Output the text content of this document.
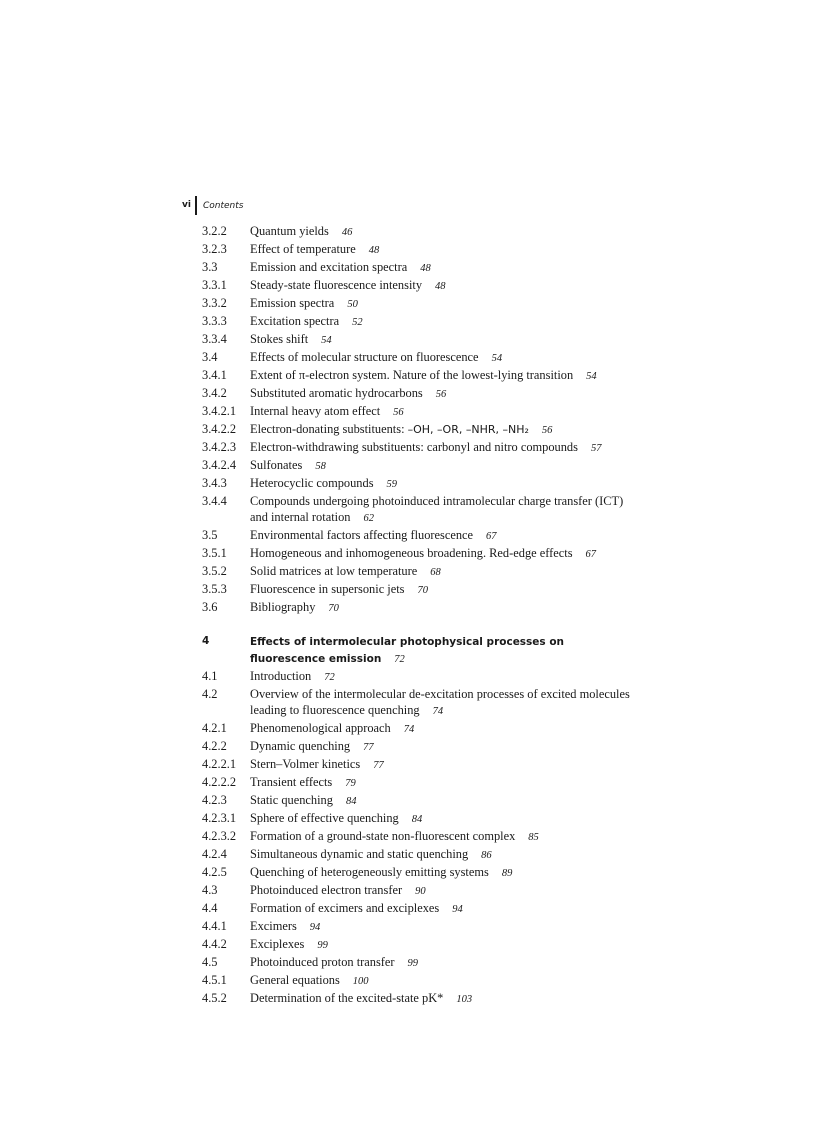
vi Contents
3.2.2	Quantum yields 46
3.2.3	Effect of temperature 48
3.3	Emission and excitation spectra 48
3.3.1	Steady-state fluorescence intensity 48
3.3.2	Emission spectra 50
3.3.3	Excitation spectra 52
3.3.4	Stokes shift 54
3.4	Effects of molecular structure on fluorescence 54
3.4.1	Extent of π-electron system. Nature of the lowest-lying transition 54
3.4.2	Substituted aromatic hydrocarbons 56
3.4.2.1	Internal heavy atom effect 56
3.4.2.2	Electron-donating substituents: –OH, –OR, –NHR, –NH₂ 56
3.4.2.3	Electron-withdrawing substituents: carbonyl and nitro compounds 57
3.4.2.4	Sulfonates 58
3.4.3	Heterocyclic compounds 59
3.4.4	Compounds undergoing photoinduced intramolecular charge transfer (ICT) and internal rotation 62
3.5	Environmental factors affecting fluorescence 67
3.5.1	Homogeneous and inhomogeneous broadening. Red-edge effects 67
3.5.2	Solid matrices at low temperature 68
3.5.3	Fluorescence in supersonic jets 70
3.6	Bibliography 70
4	Effects of intermolecular photophysical processes on fluorescence emission 72
4.1	Introduction 72
4.2	Overview of the intermolecular de-excitation processes of excited molecules leading to fluorescence quenching 74
4.2.1	Phenomenological approach 74
4.2.2	Dynamic quenching 77
4.2.2.1	Stern–Volmer kinetics 77
4.2.2.2	Transient effects 79
4.2.3	Static quenching 84
4.2.3.1	Sphere of effective quenching 84
4.2.3.2	Formation of a ground-state non-fluorescent complex 85
4.2.4	Simultaneous dynamic and static quenching 86
4.2.5	Quenching of heterogeneously emitting systems 89
4.3	Photoinduced electron transfer 90
4.4	Formation of excimers and exciplexes 94
4.4.1	Excimers 94
4.4.2	Exciplexes 99
4.5	Photoinduced proton transfer 99
4.5.1	General equations 100
4.5.2	Determination of the excited-state pK* 103
